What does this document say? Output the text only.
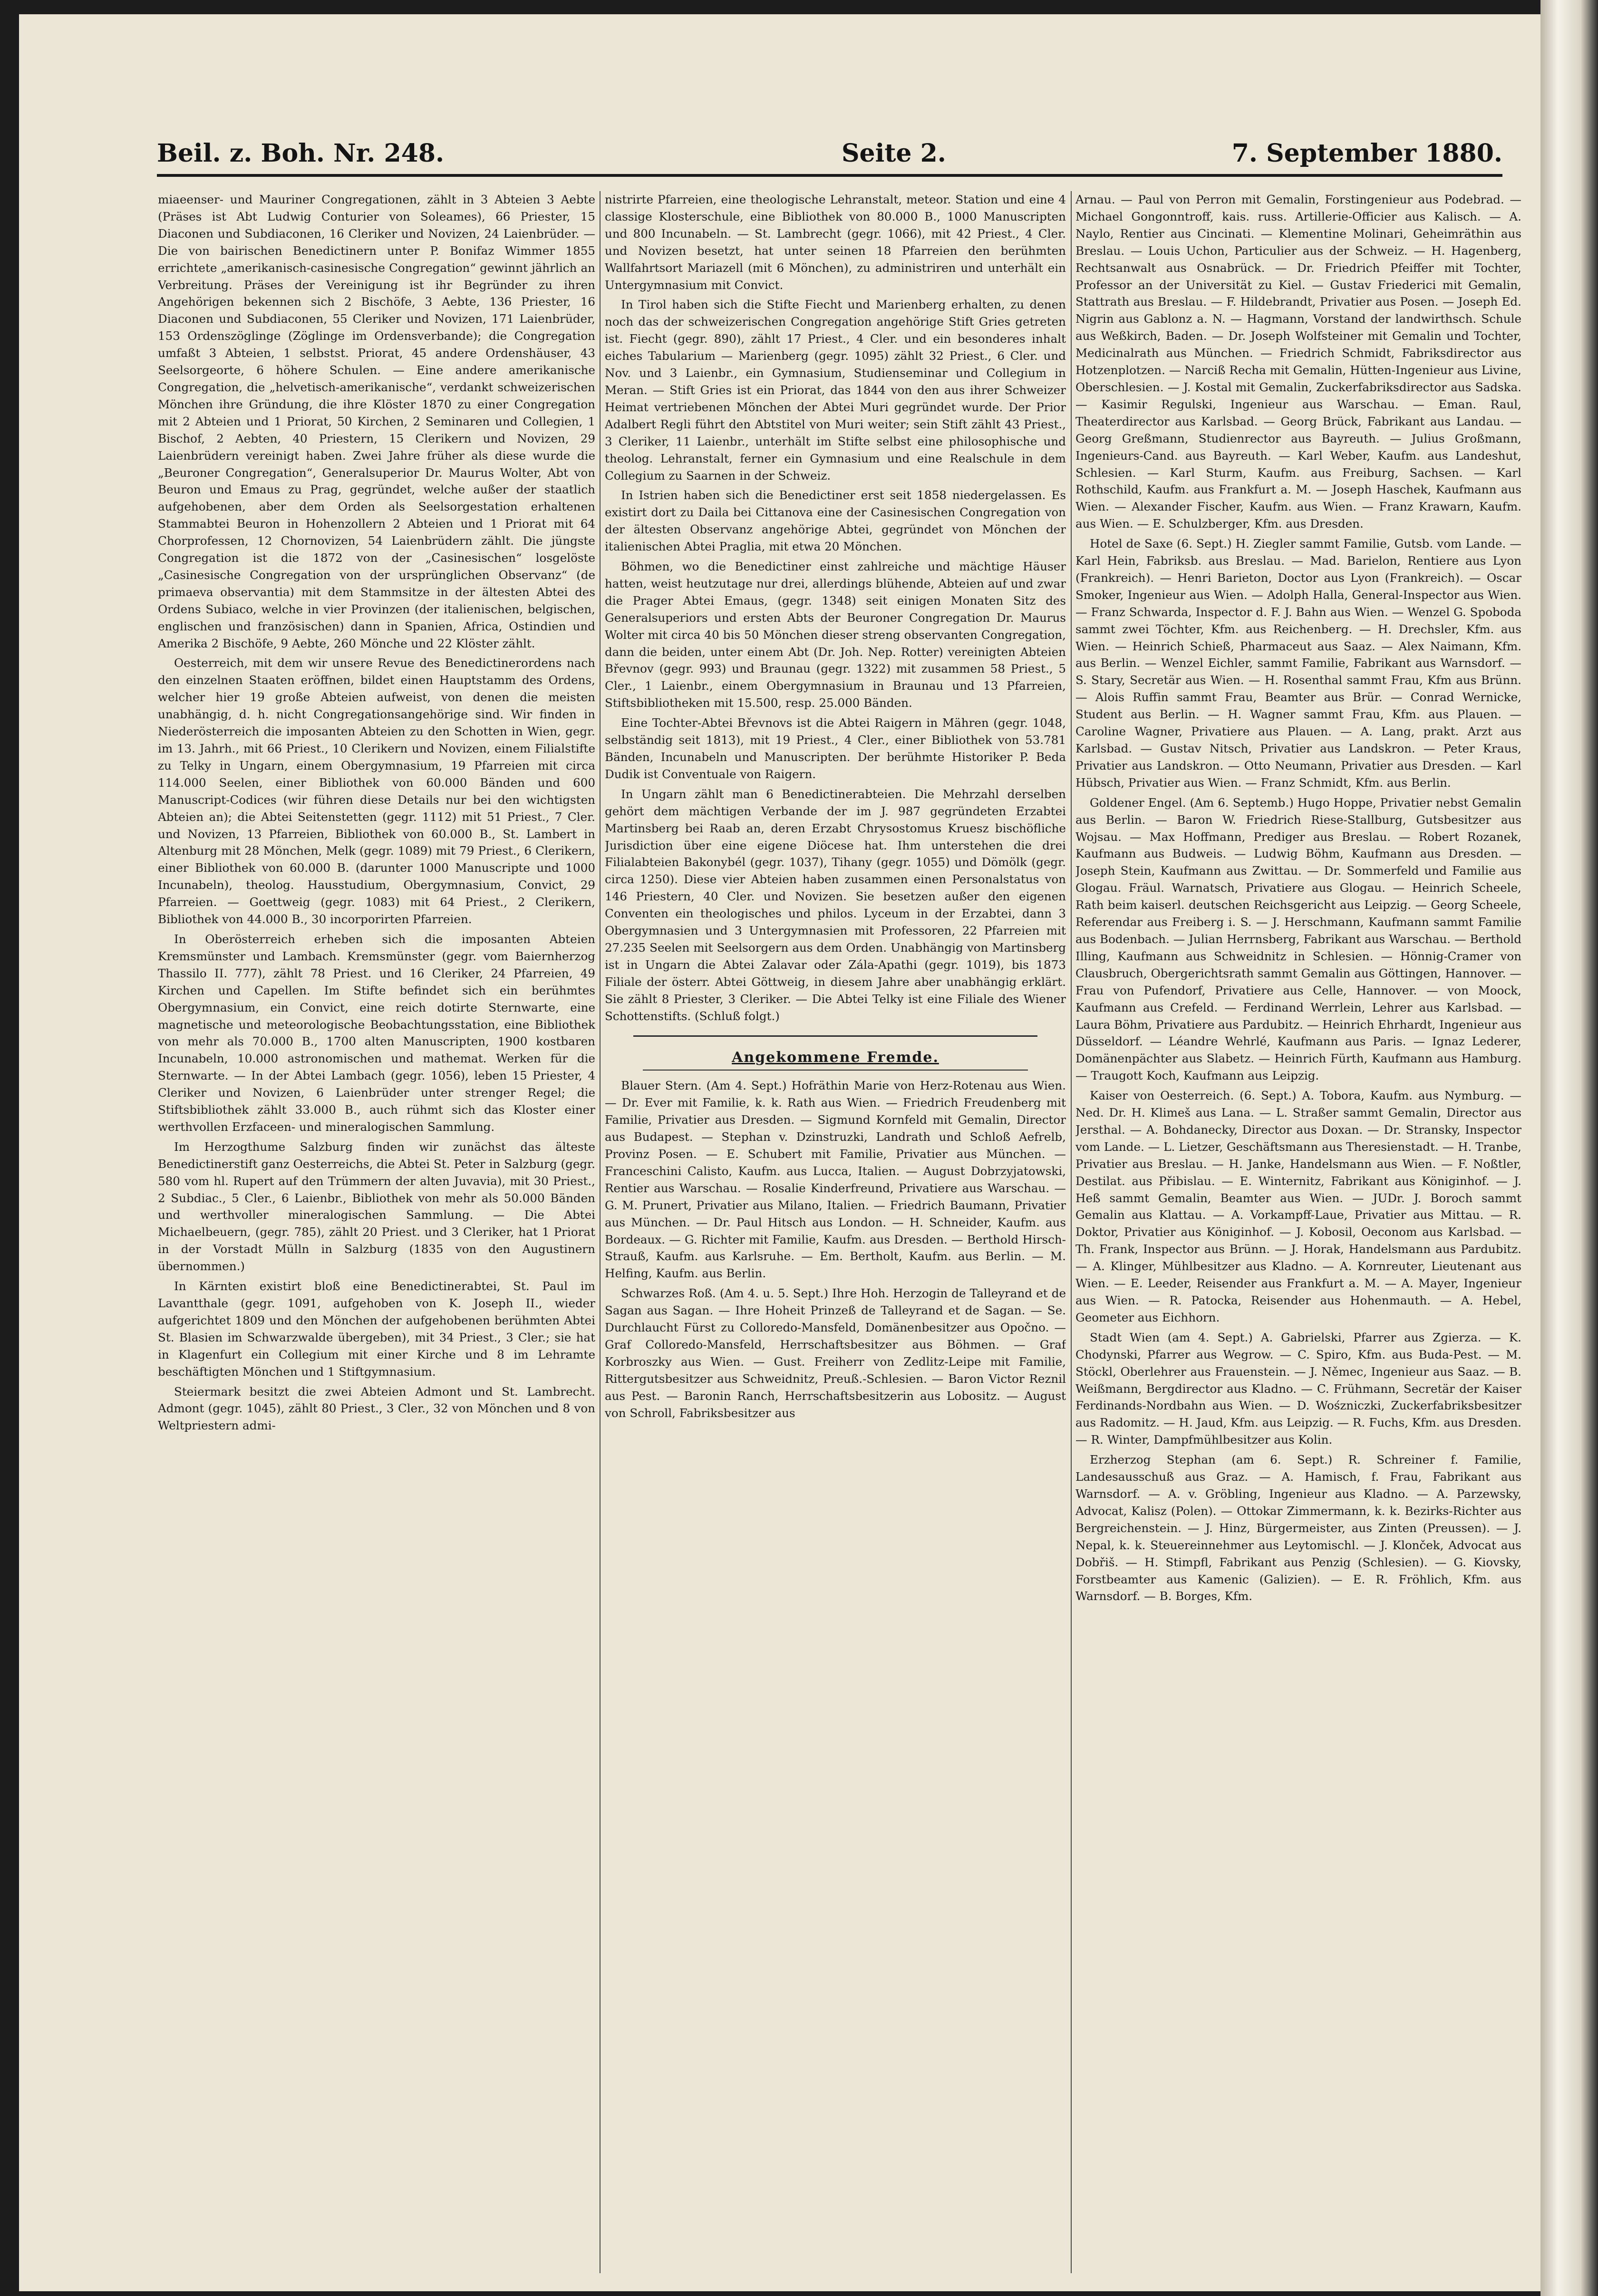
Beil. z. Boh. Nr. 248.	Seite 2.	7. September 1880.

miaeenser- und Mauriner Congregationen, zählt in 3 Abteien 3 Aebte (Präses ist Abt Ludwig Conturier von Soleames), 66 Priester, 15 Diaconen und Subdiaconen, 16 Cleriker und Novizen, 24 Laienbrüder. — Die von bairischen Benedictinern unter P. Bonifaz Wimmer 1855 errichtete „amerikanisch-casinesische Congregation“ gewinnt jährlich an Verbreitung. Präses der Vereinigung ist ihr Begründer zu ihren Angehörigen bekennen sich 2 Bischöfe, 3 Aebte, 136 Priester, 16 Diaconen und Subdiaconen, 55 Cleriker und Novizen, 171 Laienbrüder, 153 Ordenszöglinge (Zöglinge im Ordensverbande); die Congregation umfaßt 3 Abteien, 1 selbstst. Priorat, 45 andere Ordenshäuser, 43 Seelsorgeorte, 6 höhere Schulen. — Eine andere amerikanische Congregation, die „helvetisch-amerikanische“, verdankt schweizerischen Mönchen ihre Gründung, die ihre Klöster 1870 zu einer Congregation mit 2 Abteien und 1 Priorat, 50 Kirchen, 2 Seminaren und Collegien, 1 Bischof, 2 Aebten, 40 Priestern, 15 Clerikern und Novizen, 29 Laienbrüdern vereinigt haben. Zwei Jahre früher als diese wurde die „Beuroner Congregation“, Generalsuperior Dr. Maurus Wolter, Abt von Beuron und Emaus zu Prag, gegründet, welche außer der staatlich aufgehobenen, aber dem Orden als Seelsorgestation erhaltenen Stammabtei Beuron in Hohenzollern 2 Abteien und 1 Priorat mit 64 Chorprofessen, 12 Chornovizen, 54 Laienbrüdern zählt. Die jüngste Congregation ist die 1872 von der „Casinesischen“ losgelöste „Casinesische Congregation von der ursprünglichen Observanz“ (de primaeva observantia) mit dem Stammsitze in der ältesten Abtei des Ordens Subiaco, welche in vier Provinzen (der italienischen, belgischen, englischen und französischen) dann in Spanien, Africa, Ostindien und Amerika 2 Bischöfe, 9 Aebte, 260 Mönche und 22 Klöster zählt.

Oesterreich, mit dem wir unsere Revue des Benedictinerordens nach den einzelnen Staaten eröffnen, bildet einen Hauptstamm des Ordens, welcher hier 19 große Abteien aufweist, von denen die meisten unabhängig, d. h. nicht Congregationsangehörige sind. Wir finden in Niederösterreich die imposanten Abteien zu den Schotten in Wien, gegr. im 13. Jahrh., mit 66 Priest., 10 Clerikern und Novizen, einem Filialstifte zu Telky in Ungarn, einem Obergymnasium, 19 Pfarreien mit circa 114.000 Seelen, einer Bibliothek von 60.000 Bänden und 600 Manuscript-Codices (wir führen diese Details nur bei den wichtigsten Abteien an); die Abtei Seitenstetten (gegr. 1112) mit 51 Priest., 7 Cler. und Novizen, 13 Pfarreien, Bibliothek von 60.000 B., St. Lambert in Altenburg mit 28 Mönchen, Melk (gegr. 1089) mit 79 Priest., 6 Clerikern, einer Bibliothek von 60.000 B. (darunter 1000 Manuscripte und 1000 Incunabeln), theolog. Hausstudium, Obergymnasium, Convict, 29 Pfarreien. — Goettweig (gegr. 1083) mit 64 Priest., 2 Clerikern, Bibliothek von 44.000 B., 30 incorporirten Pfarreien.

In Oberösterreich erheben sich die imposanten Abteien Kremsmünster und Lambach. Kremsmünster (gegr. vom Baiernherzog Thassilo II. 777), zählt 78 Priest. und 16 Cleriker, 24 Pfarreien, 49 Kirchen und Capellen. Im Stifte befindet sich ein berühmtes Obergymnasium, ein Convict, eine reich dotirte Sternwarte, eine magnetische und meteorologische Beobachtungsstation, eine Bibliothek von mehr als 70.000 B., 1700 alten Manuscripten, 1900 kostbaren Incunabeln, 10.000 astronomischen und mathemat. Werken für die Sternwarte. — In der Abtei Lambach (gegr. 1056), leben 15 Priester, 4 Cleriker und Novizen, 6 Laienbrüder unter strenger Regel; die Stiftsbibliothek zählt 33.000 B., auch rühmt sich das Kloster einer werthvollen Erzfaceen- und mineralogischen Sammlung.

Im Herzogthume Salzburg finden wir zunächst das älteste Benedictinerstift ganz Oesterreichs, die Abtei St. Peter in Salzburg (gegr. 580 vom hl. Rupert auf den Trümmern der alten Juvavia), mit 30 Priest., 2 Subdiac., 5 Cler., 6 Laienbr., Bibliothek von mehr als 50.000 Bänden und werthvoller mineralogischen Sammlung. — Die Abtei Michaelbeuern, (gegr. 785), zählt 20 Priest. und 3 Cleriker, hat 1 Priorat in der Vorstadt Mülln in Salzburg (1835 von den Augustinern übernommen.)

In Kärnten existirt bloß eine Benedictinerabtei, St. Paul im Lavantthale (gegr. 1091, aufgehoben von K. Joseph II., wieder aufgerichtet 1809 und den Mönchen der aufgehobenen berühmten Abtei St. Blasien im Schwarzwalde übergeben), mit 34 Priest., 3 Cler.; sie hat in Klagenfurt ein Collegium mit einer Kirche und 8 im Lehramte beschäftigten Mönchen und 1 Stiftgymnasium.

Steiermark besitzt die zwei Abteien Admont und St. Lambrecht. Admont (gegr. 1045), zählt 80 Priest., 3 Cler., 32 von Mönchen und 8 von Weltpriestern admi-

nistrirte Pfarreien, eine theologische Lehranstalt, meteor. Station und eine 4 classige Klosterschule, eine Bibliothek von 80.000 B., 1000 Manuscripten und 800 Incunabeln. — St. Lambrecht (gegr. 1066), mit 42 Priest., 4 Cler. und Novizen besetzt, hat unter seinen 18 Pfarreien den berühmten Wallfahrtsort Mariazell (mit 6 Mönchen), zu administriren und unterhält ein Untergymnasium mit Convict.

In Tirol haben sich die Stifte Fiecht und Marienberg erhalten, zu denen noch das der schweizerischen Congregation angehörige Stift Gries getreten ist. Fiecht (gegr. 890), zählt 17 Priest., 4 Cler. und ein besonderes inhalt eiches Tabularium — Marienberg (gegr. 1095) zählt 32 Priest., 6 Cler. und Nov. und 3 Laienbr., ein Gymnasium, Studienseminar und Collegium in Meran. — Stift Gries ist ein Priorat, das 1844 von den aus ihrer Schweizer Heimat vertriebenen Mönchen der Abtei Muri gegründet wurde. Der Prior Adalbert Regli führt den Abtstitel von Muri weiter; sein Stift zählt 43 Priest., 3 Cleriker, 11 Laienbr., unterhält im Stifte selbst eine philosophische und theolog. Lehranstalt, ferner ein Gymnasium und eine Realschule in dem Collegium zu Saarnen in der Schweiz.

In Istrien haben sich die Benedictiner erst seit 1858 niedergelassen. Es existirt dort zu Daila bei Cittanova eine der Casinesischen Congregation von der ältesten Observanz angehörige Abtei, gegründet von Mönchen der italienischen Abtei Praglia, mit etwa 20 Mönchen.

Böhmen, wo die Benedictiner einst zahlreiche und mächtige Häuser hatten, weist heutzutage nur drei, allerdings blühende, Abteien auf und zwar die Prager Abtei Emaus, (gegr. 1348) seit einigen Monaten Sitz des Generalsuperiors und ersten Abts der Beuroner Congregation Dr. Maurus Wolter mit circa 40 bis 50 Mönchen dieser streng observanten Congregation, dann die beiden, unter einem Abt (Dr. Joh. Nep. Rotter) vereinigten Abteien Břevnov (gegr. 993) und Braunau (gegr. 1322) mit zusammen 58 Priest., 5 Cler., 1 Laienbr., einem Obergymnasium in Braunau und 13 Pfarreien, Stiftsbibliotheken mit 15.500, resp. 25.000 Bänden.

Eine Tochter-Abtei Břevnovs ist die Abtei Raigern in Mähren (gegr. 1048, selbständig seit 1813), mit 19 Priest., 4 Cler., einer Bibliothek von 53.781 Bänden, Incunabeln und Manuscripten. Der berühmte Historiker P. Beda Dudik ist Conventuale von Raigern.

In Ungarn zählt man 6 Benedictinerabteien. Die Mehrzahl derselben gehört dem mächtigen Verbande der im J. 987 gegründeten Erzabtei Martinsberg bei Raab an, deren Erzabt Chrysostomus Kruesz bischöfliche Jurisdiction über eine eigene Diöcese hat. Ihm unterstehen die drei Filialabteien Bakonybél (gegr. 1037), Tihany (gegr. 1055) und Dömölk (gegr. circa 1250). Diese vier Abteien haben zusammen einen Personalstatus von 146 Priestern, 40 Cler. und Novizen. Sie besetzen außer den eigenen Conventen ein theologisches und philos. Lyceum in der Erzabtei, dann 3 Obergymnasien und 3 Untergymnasien mit Professoren, 22 Pfarreien mit 27.235 Seelen mit Seelsorgern aus dem Orden. Unabhängig von Martinsberg ist in Ungarn die Abtei Zalavar oder Zála-Apathi (gegr. 1019), bis 1873 Filiale der österr. Abtei Göttweig, in diesem Jahre aber unabhängig erklärt. Sie zählt 8 Priester, 3 Cleriker. — Die Abtei Telky ist eine Filiale des Wiener Schottenstifts. (Schluß folgt.)

Angekommene Fremde.

Blauer Stern. (Am 4. Sept.) Hofräthin Marie von Herz-Rotenau aus Wien. — Dr. Ever mit Familie, k. k. Rath aus Wien. — Friedrich Freudenberg mit Familie, Privatier aus Dresden. — Sigmund Kornfeld mit Gemalin, Director aus Budapest. — Stephan v. Dzinstruzki, Landrath und Schloß Aefrelb, Provinz Posen. — E. Schubert mit Familie, Privatier aus München. — Franceschini Calisto, Kaufm. aus Lucca, Italien. — August Dobrzyjatowski, Rentier aus Warschau. — Rosalie Kinderfreund, Privatiere aus Warschau. — G. M. Prunert, Privatier aus Milano, Italien. — Friedrich Baumann, Privatier aus München. — Dr. Paul Hitsch aus London. — H. Schneider, Kaufm. aus Bordeaux. — G. Richter mit Familie, Kaufm. aus Dresden. — Berthold Hirsch-Strauß, Kaufm. aus Karlsruhe. — Em. Bertholt, Kaufm. aus Berlin. — M. Helfing, Kaufm. aus Berlin.

Schwarzes Roß. (Am 4. u. 5. Sept.) Ihre Hoh. Herzogin de Talleyrand et de Sagan aus Sagan. — Ihre Hoheit Prinzeß de Talleyrand et de Sagan. — Se. Durchlaucht Fürst zu Colloredo-Mansfeld, Domänenbesitzer aus Opočno. — Graf Colloredo-Mansfeld, Herrschaftsbesitzer aus Böhmen. — Graf Korbroszky aus Wien. — Gust. Freiherr von Zedlitz-Leipe mit Familie, Rittergutsbesitzer aus Schweidnitz, Preuß.-Schlesien. — Baron Victor Reznil aus Pest. — Baronin Ranch, Herrschaftsbesitzerin aus Lobositz. — August von Schroll, Fabriksbesitzer aus

Arnau. — Paul von Perron mit Gemalin, Forstingenieur aus Podebrad. — Michael Gongonntroff, kais. russ. Artillerie-Officier aus Kalisch. — A. Naylo, Rentier aus Cincinati. — Klementine Molinari, Geheimräthin aus Breslau. — Louis Uchon, Particulier aus der Schweiz. — H. Hagenberg, Rechtsanwalt aus Osnabrück. — Dr. Friedrich Pfeiffer mit Tochter, Professor an der Universität zu Kiel. — Gustav Friederici mit Gemalin, Stattrath aus Breslau. — F. Hildebrandt, Privatier aus Posen. — Joseph Ed. Nigrin aus Gablonz a. N. — Hagmann, Vorstand der landwirthsch. Schule aus Weßkirch, Baden. — Dr. Joseph Wolfsteiner mit Gemalin und Tochter, Medicinalrath aus München. — Friedrich Schmidt, Fabriksdirector aus Hotzenplotzen. — Narciß Recha mit Gemalin, Hütten-Ingenieur aus Livine, Oberschlesien. — J. Kostal mit Gemalin, Zuckerfabriksdirector aus Sadska. — Kasimir Regulski, Ingenieur aus Warschau. — Eman. Raul, Theaterdirector aus Karlsbad. — Georg Brück, Fabrikant aus Landau. — Georg Greßmann, Studienrector aus Bayreuth. — Julius Großmann, Ingenieurs-Cand. aus Bayreuth. — Karl Weber, Kaufm. aus Landeshut, Schlesien. — Karl Sturm, Kaufm. aus Freiburg, Sachsen. — Karl Rothschild, Kaufm. aus Frankfurt a. M. — Joseph Haschek, Kaufmann aus Wien. — Alexander Fischer, Kaufm. aus Wien. — Franz Krawarn, Kaufm. aus Wien. — E. Schulzberger, Kfm. aus Dresden.

Hotel de Saxe (6. Sept.) H. Ziegler sammt Familie, Gutsb. vom Lande. — Karl Hein, Fabriksb. aus Breslau. — Mad. Barielon, Rentiere aus Lyon (Frankreich). — Henri Barieton, Doctor aus Lyon (Frankreich). — Oscar Smoker, Ingenieur aus Wien. — Adolph Halla, General-Inspector aus Wien. — Franz Schwarda, Inspector d. F. J. Bahn aus Wien. — Wenzel G. Spoboda sammt zwei Töchter, Kfm. aus Reichenberg. — H. Drechsler, Kfm. aus Wien. — Heinrich Schieß, Pharmaceut aus Saaz. — Alex Naimann, Kfm. aus Berlin. — Wenzel Eichler, sammt Familie, Fabrikant aus Warnsdorf. — S. Stary, Secretär aus Wien. — H. Rosenthal sammt Frau, Kfm aus Brünn. — Alois Ruffin sammt Frau, Beamter aus Brür. — Conrad Wernicke, Student aus Berlin. — H. Wagner sammt Frau, Kfm. aus Plauen. — Caroline Wagner, Privatiere aus Plauen. — A. Lang, prakt. Arzt aus Karlsbad. — Gustav Nitsch, Privatier aus Landskron. — Peter Kraus, Privatier aus Landskron. — Otto Neumann, Privatier aus Dresden. — Karl Hübsch, Privatier aus Wien. — Franz Schmidt, Kfm. aus Berlin.

Goldener Engel. (Am 6. Septemb.) Hugo Hoppe, Privatier nebst Gemalin aus Berlin. — Baron W. Friedrich Riese-Stallburg, Gutsbesitzer aus Wojsau. — Max Hoffmann, Prediger aus Breslau. — Robert Rozanek, Kaufmann aus Budweis. — Ludwig Böhm, Kaufmann aus Dresden. — Joseph Stein, Kaufmann aus Zwittau. — Dr. Sommerfeld und Familie aus Glogau. Fräul. Warnatsch, Privatiere aus Glogau. — Heinrich Scheele, Rath beim kaiserl. deutschen Reichsgericht aus Leipzig. — Georg Scheele, Referendar aus Freiberg i. S. — J. Herschmann, Kaufmann sammt Familie aus Bodenbach. — Julian Herrnsberg, Fabrikant aus Warschau. — Berthold Illing, Kaufmann aus Schweidnitz in Schlesien. — Hönnig-Cramer von Clausbruch, Obergerichtsrath sammt Gemalin aus Göttingen, Hannover. — Frau von Pufendorf, Privatiere aus Celle, Hannover. — von Moock, Kaufmann aus Crefeld. — Ferdinand Werrlein, Lehrer aus Karlsbad. — Laura Böhm, Privatiere aus Pardubitz. — Heinrich Ehrhardt, Ingenieur aus Düsseldorf. — Léandre Wehrlé, Kaufmann aus Paris. — Ignaz Lederer, Domänenpächter aus Slabetz. — Heinrich Fürth, Kaufmann aus Hamburg. — Traugott Koch, Kaufmann aus Leipzig.

Kaiser von Oesterreich. (6. Sept.) A. Tobora, Kaufm. aus Nymburg. — Ned. Dr. H. Klimeš aus Lana. — L. Straßer sammt Gemalin, Director aus Jersthal. — A. Bohdanecky, Director aus Doxan. — Dr. Stransky, Inspector vom Lande. — L. Lietzer, Geschäftsmann aus Theresienstadt. — H. Tranbe, Privatier aus Breslau. — H. Janke, Handelsmann aus Wien. — F. Noßtler, Destilat. aus Přibislau. — E. Winternitz, Fabrikant aus Königinhof. — J. Heß sammt Gemalin, Beamter aus Wien. — JUDr. J. Boroch sammt Gemalin aus Klattau. — A. Vorkampff-Laue, Privatier aus Mittau. — R. Doktor, Privatier aus Königinhof. — J. Kobosil, Oeconom aus Karlsbad. — Th. Frank, Inspector aus Brünn. — J. Horak, Handelsmann aus Pardubitz. — A. Klinger, Mühlbesitzer aus Kladno. — A. Kornreuter, Lieutenant aus Wien. — E. Leeder, Reisender aus Frankfurt a. M. — A. Mayer, Ingenieur aus Wien. — R. Patocka, Reisender aus Hohenmauth. — A. Hebel, Geometer aus Eichhorn.

Stadt Wien (am 4. Sept.) A. Gabrielski, Pfarrer aus Zgierza. — K. Chodynski, Pfarrer aus Wegrow. — C. Spiro, Kfm. aus Buda-Pest. — M. Stöckl, Oberlehrer aus Frauenstein. — J. Němec, Ingenieur aus Saaz. — B. Weißmann, Bergdirector aus Kladno. — C. Frühmann, Secretär der Kaiser Ferdinands-Nordbahn aus Wien. — D. Wośzniczki, Zuckerfabriksbesitzer aus Radomitz. — H. Jaud, Kfm. aus Leipzig. — R. Fuchs, Kfm. aus Dresden. — R. Winter, Dampfmühlbesitzer aus Kolin.

Erzherzog Stephan (am 6. Sept.) R. Schreiner f. Familie, Landesausschuß aus Graz. — A. Hamisch, f. Frau, Fabrikant aus Warnsdorf. — A. v. Gröbling, Ingenieur aus Kladno. — A. Parzewsky, Advocat, Kalisz (Polen). — Ottokar Zimmermann, k. k. Bezirks-Richter aus Bergreichenstein. — J. Hinz, Bürgermeister, aus Zinten (Preussen). — J. Nepal, k. k. Steuereinnehmer aus Leytomischl. — J. Klonček, Advocat aus Dobřiš. — H. Stimpfl, Fabrikant aus Penzig (Schlesien). — G. Kiovsky, Forstbeamter aus Kamenic (Galizien). — E. R. Fröhlich, Kfm. aus Warnsdorf. — B. Borges, Kfm.
